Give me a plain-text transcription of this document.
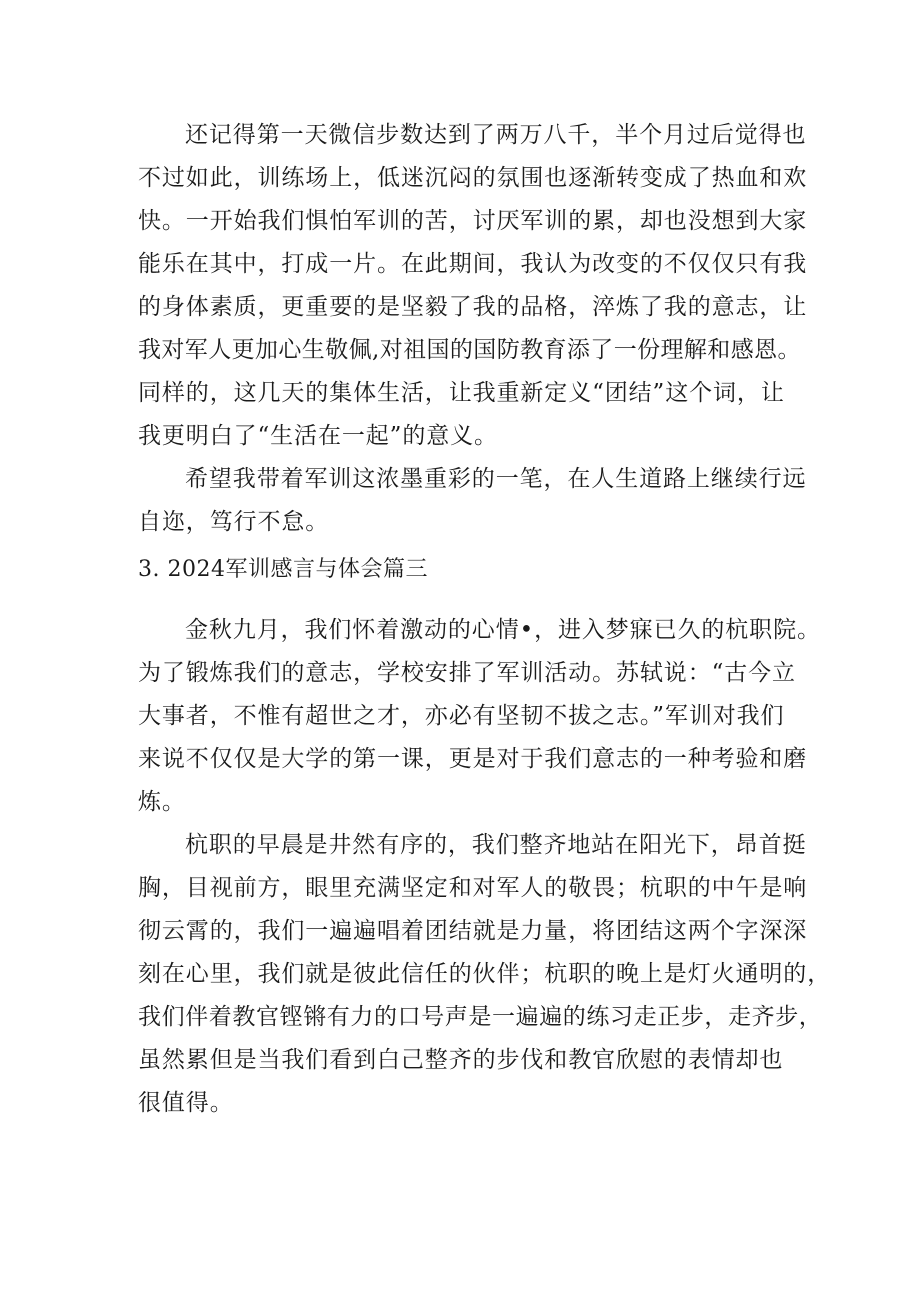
还记得第一天微信步数达到了两万八千，半个月过后觉得也
不过如此，训练场上，低迷沉闷的氛围也逐渐转变成了热血和欢
快。一开始我们惧怕军训的苦，讨厌军训的累，却也没想到大家
能乐在其中，打成一片。在此期间，我认为改变的不仅仅只有我
的身体素质，更重要的是坚毅了我的品格，淬炼了我的意志，让
我对军人更加心生敬佩,对祖国的国防教育添了一份理解和感恩。
同样的，这几天的集体生活，让我重新定义“团结”这个词，让
我更明白了“生活在一起”的意义。
希望我带着军训这浓墨重彩的一笔，在人生道路上继续行远
自迩，笃行不怠。
3. 2024军训感言与体会篇三
金秋九月，我们怀着激动的心情•，进入梦寐已久的杭职院。
为了锻炼我们的意志，学校安排了军训活动。苏轼说：“古今立
大事者，不惟有超世之才，亦必有坚韧不拔之志。”军训对我们
来说不仅仅是大学的第一课，更是对于我们意志的一种考验和磨
炼。
杭职的早晨是井然有序的，我们整齐地站在阳光下，昂首挺
胸，目视前方，眼里充满坚定和对军人的敬畏；杭职的中午是响
彻云霄的，我们一遍遍唱着团结就是力量，将团结这两个字深深
刻在心里，我们就是彼此信任的伙伴；杭职的晚上是灯火通明的，
我们伴着教官铿锵有力的口号声是一遍遍的练习走正步，走齐步，
虽然累但是当我们看到白己整齐的步伐和教官欣慰的表情却也
很值得。
